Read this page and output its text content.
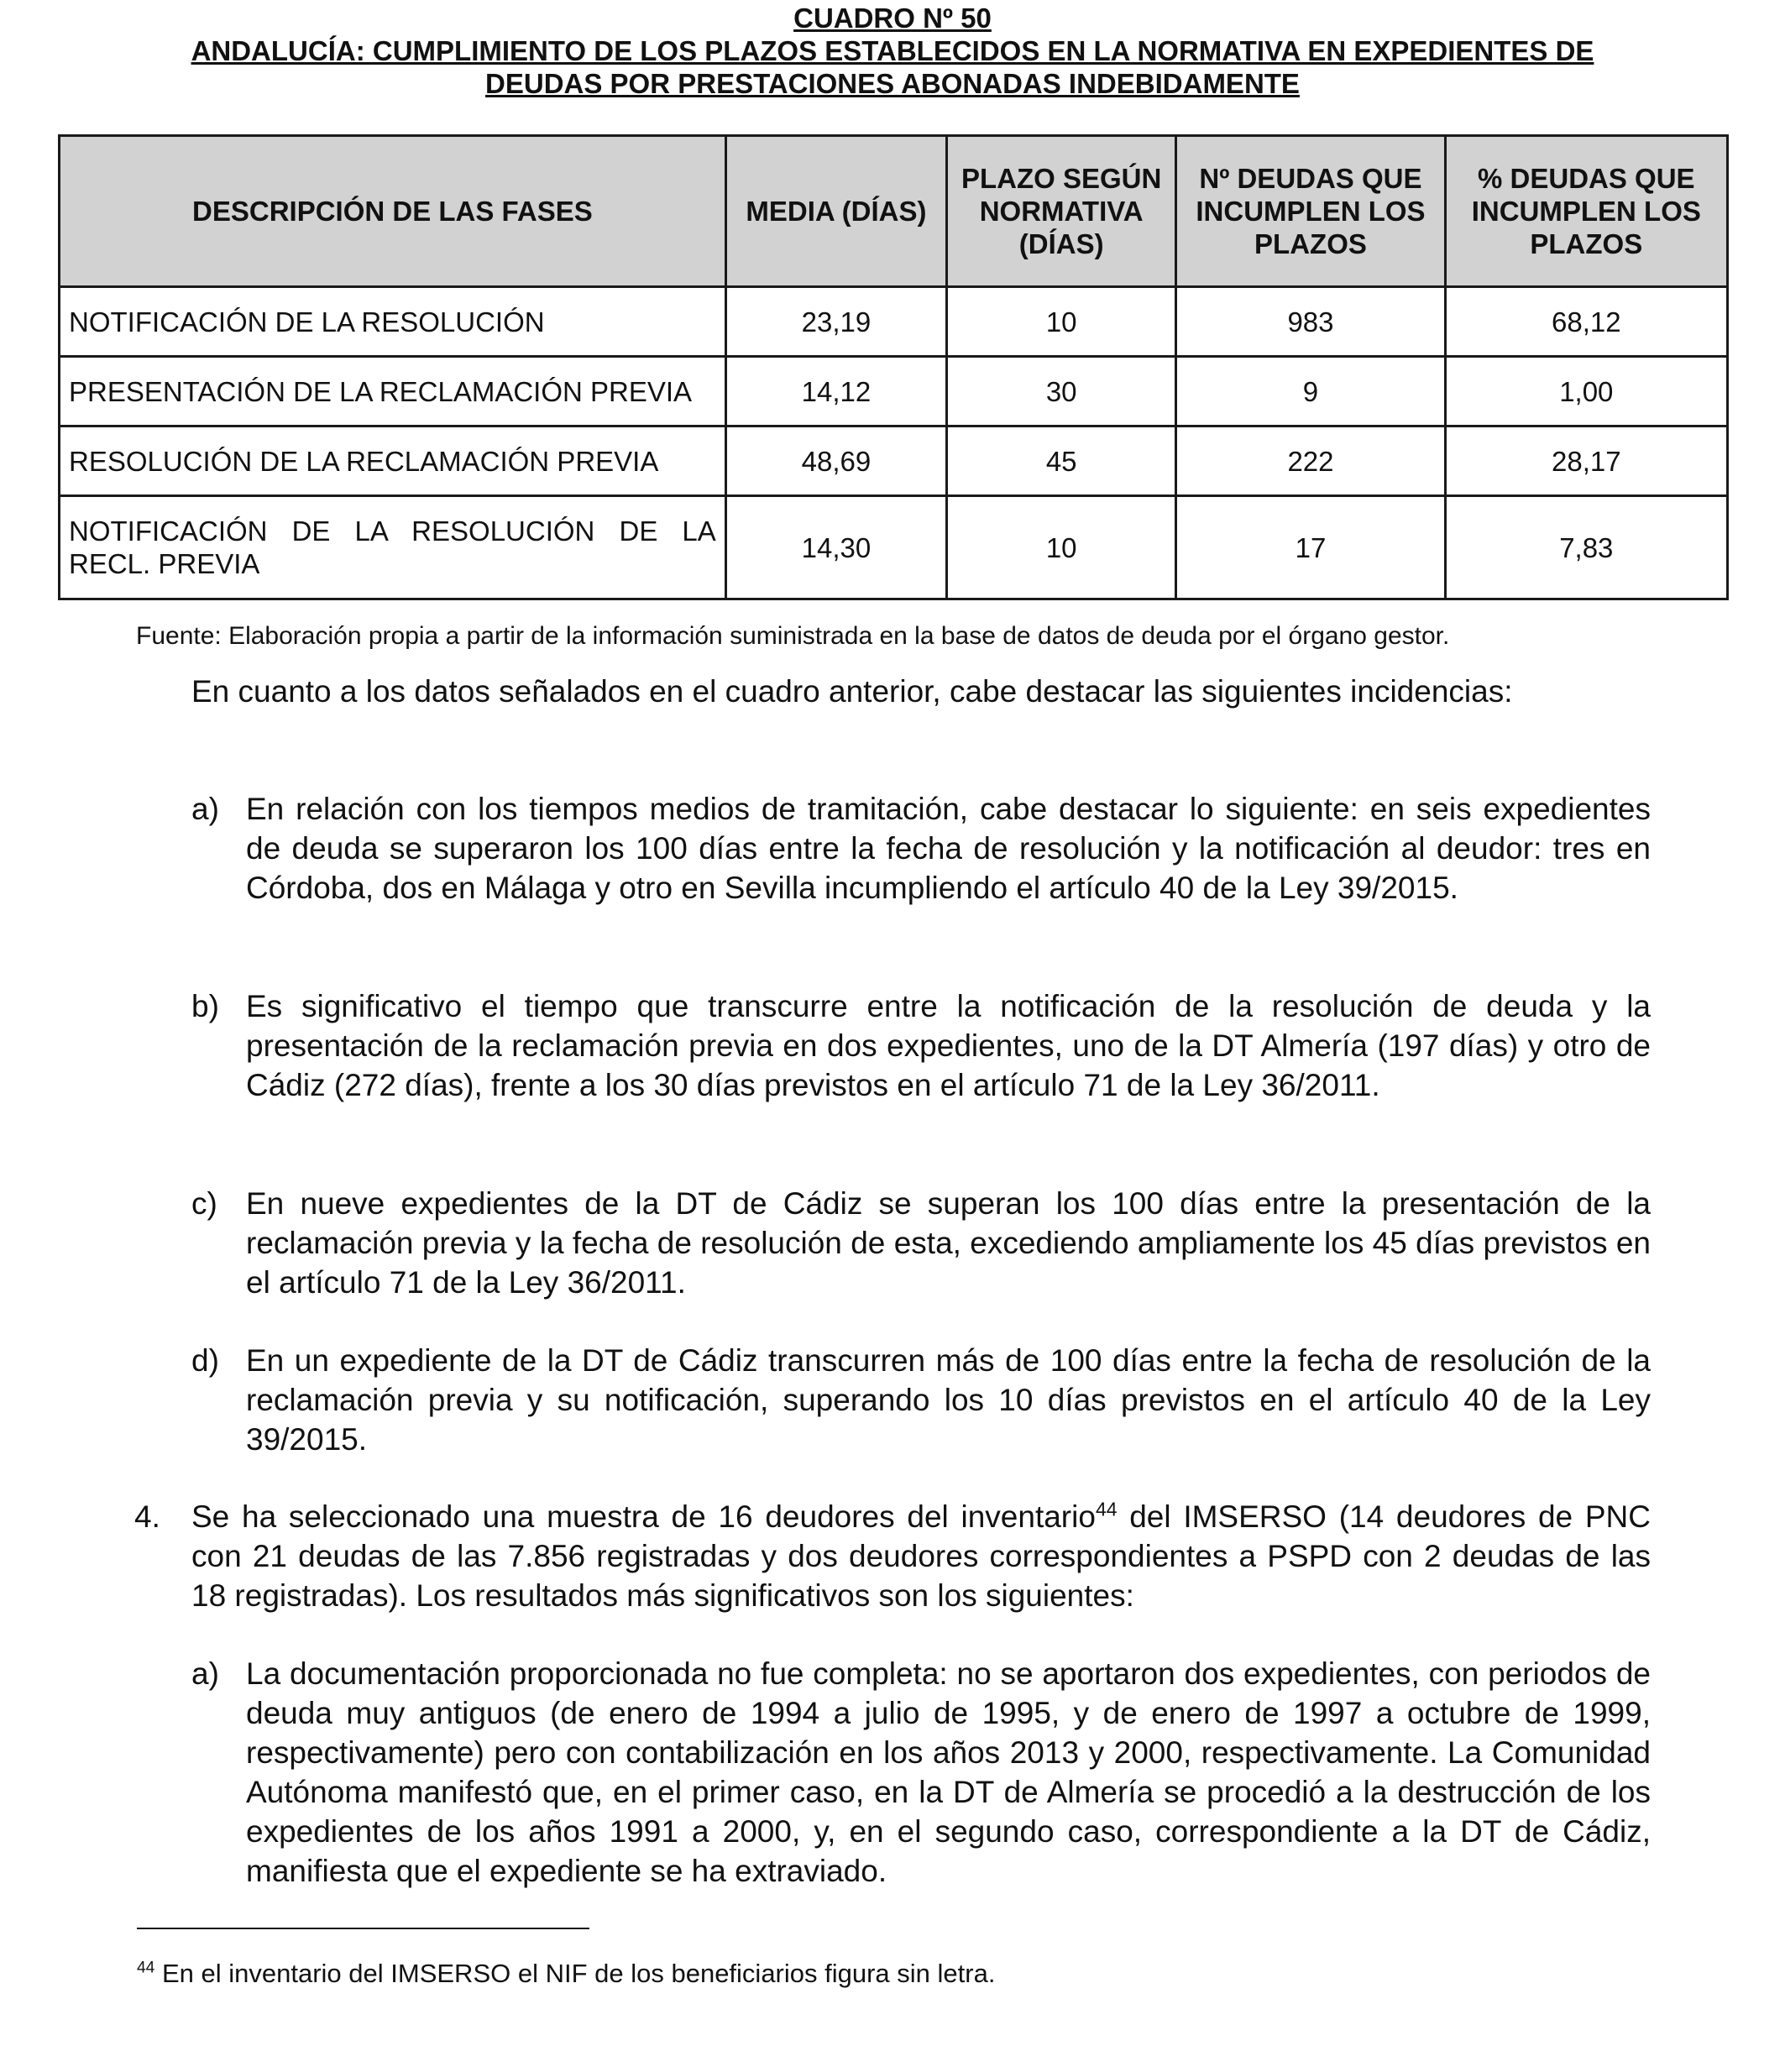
CUADRO Nº 50
ANDALUCÍA: CUMPLIMIENTO DE LOS PLAZOS ESTABLECIDOS EN LA NORMATIVA EN EXPEDIENTES DE
DEUDAS POR PRESTACIONES ABONADAS INDEBIDAMENTE
DESCRIPCIÓN DE LAS FASES	MEDIA (DÍAS)	PLAZO SEGÚN NORMATIVA (DÍAS)	Nº DEUDAS QUE INCUMPLEN LOS PLAZOS	% DEUDAS QUE INCUMPLEN LOS PLAZOS
NOTIFICACIÓN DE LA RESOLUCIÓN	23,19	10	983	68,12
PRESENTACIÓN DE LA RECLAMACIÓN PREVIA	14,12	30	9	1,00
RESOLUCIÓN DE LA RECLAMACIÓN PREVIA	48,69	45	222	28,17
NOTIFICACIÓN DE LA RESOLUCIÓN DE LA RECL. PREVIA	14,30	10	17	7,83
Fuente: Elaboración propia a partir de la información suministrada en la base de datos de deuda por el órgano gestor.

En cuanto a los datos señalados en el cuadro anterior, cabe destacar las siguientes incidencias:

a) En relación con los tiempos medios de tramitación, cabe destacar lo siguiente: en seis expedientes de deuda se superaron los 100 días entre la fecha de resolución y la notificación al deudor: tres en Córdoba, dos en Málaga y otro en Sevilla incumpliendo el artículo 40 de la Ley 39/2015.
b) Es significativo el tiempo que transcurre entre la notificación de la resolución de deuda y la presentación de la reclamación previa en dos expedientes, uno de la DT Almería (197 días) y otro de Cádiz (272 días), frente a los 30 días previstos en el artículo 71 de la Ley 36/2011.
c) En nueve expedientes de la DT de Cádiz se superan los 100 días entre la presentación de la reclamación previa y la fecha de resolución de esta, excediendo ampliamente los 45 días previstos en el artículo 71 de la Ley 36/2011.
d) En un expediente de la DT de Cádiz transcurren más de 100 días entre la fecha de resolución de la reclamación previa y su notificación, superando los 10 días previstos en el artículo 40 de la Ley 39/2015.
4. Se ha seleccionado una muestra de 16 deudores del inventario$^{44}$ del IMSERSO (14 deudores de PNC con 21 deudas de las 7.856 registradas y dos deudores correspondientes a PSPD con 2 deudas de las 18 registradas). Los resultados más significativos son los siguientes:
a) La documentación proporcionada no fue completa: no se aportaron dos expedientes, con periodos de deuda muy antiguos (de enero de 1994 a julio de 1995, y de enero de 1997 a octubre de 1999, respectivamente) pero con contabilización en los años 2013 y 2000, respectivamente. La Comunidad Autónoma manifestó que, en el primer caso, en la DT de Almería se procedió a la destrucción de los expedientes de los años 1991 a 2000, y, en el segundo caso, correspondiente a la DT de Cádiz, manifiesta que el expediente se ha extraviado.
$^{44}$ En el inventario del IMSERSO el NIF de los beneficiarios figura sin letra.
